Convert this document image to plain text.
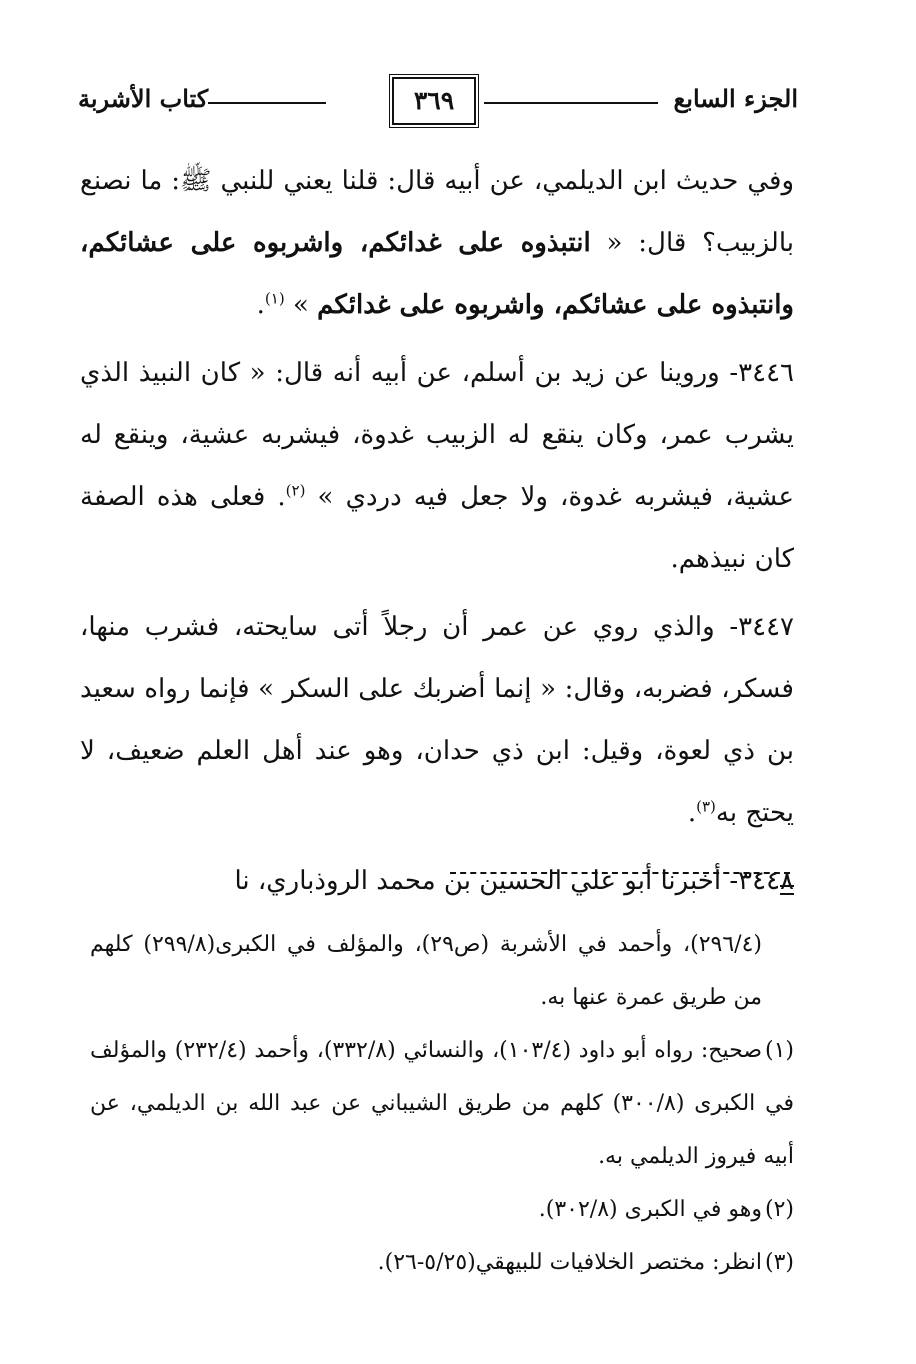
الجزء السابع
٣٦٩
كتاب الأشربة

وفي حديث ابن الديلمي، عن أبيه قال: قلنا يعني للنبي ﷺ: ما نصنع بالزبيب؟ قال: « انتبذوه على غدائكم، واشربوه على عشائكم، وانتبذوه على عشائكم، واشربوه على غدائكم » $^{(١)}$.

٣٤٤٦- وروينا عن زيد بن أسلم، عن أبيه أنه قال: « كان النبيذ الذي يشرب عمر، وكان ينقع له الزبيب غدوة، فيشربه عشية، وينقع له عشية، فيشربه غدوة، ولا جعل فيه دردي » $^{(٢)}$. فعلى هذه الصفة كان نبيذهم.

٣٤٤٧- والذي روي عن عمر أن رجلاً أتى سايحته، فشرب منها، فسكر، فضربه، وقال: « إنما أضربك على السكر » فإنما رواه سعيد بن ذي لعوة، وقيل: ابن ذي حدان، وهو عند أهل العلم ضعيف، لا يحتج به$^{(٣)}$.

٣٤٤٨- أخبرنا أبو علي الحسين بن محمد الروذباري، نا

(٢٩٦/٤)، وأحمد في الأشربة (ص٢٩)، والمؤلف في الكبرى(٢٩٩/٨) كلهم من طريق عمرة عنها به.

(١)صحيح: رواه أبو داود (١٠٣/٤)، والنسائي (٣٣٢/٨)، وأحمد (٢٣٢/٤) والمؤلف في الكبرى (٣٠٠/٨) كلهم من طريق الشيباني عن عبد الله بن الديلمي، عن أبيه فيروز الديلمي به.

(٢)وهو في الكبرى (٣٠٢/٨).

(٣)انظر: مختصر الخلافيات للبيهقي(٥/٢٥-٢٦).
